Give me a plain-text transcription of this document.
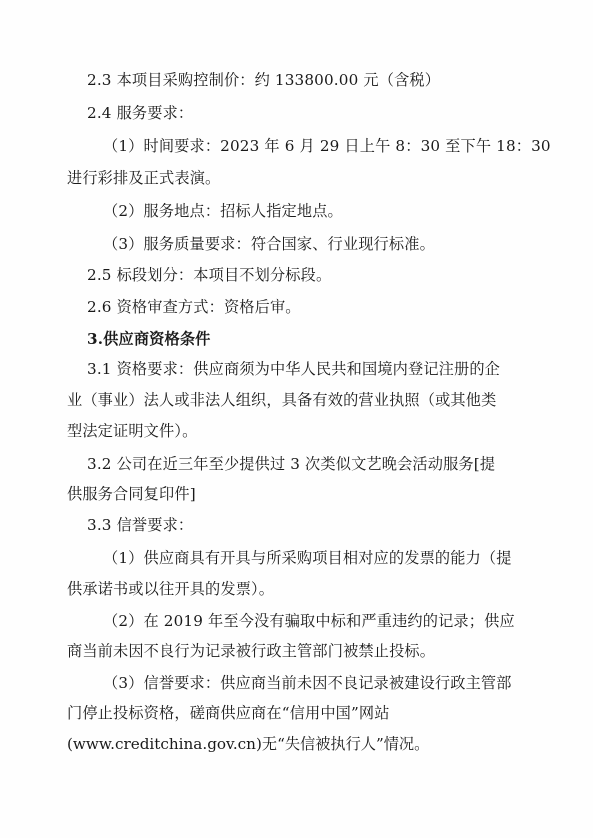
2.3 本项目采购控制价：约 133800.00 元（含税）
2.4 服务要求：
（1）时间要求：2023 年 6 月 29 日上午 8：30 至下午 18：30
进行彩排及正式表演。
（2）服务地点：招标人指定地点。
（3）服务质量要求：符合国家、行业现行标准。
2.5 标段划分：本项目不划分标段。
2.6 资格审查方式：资格后审。
3.供应商资格条件
3.1 资格要求：供应商须为中华人民共和国境内登记注册的企
业（事业）法人或非法人组织，具备有效的营业执照（或其他类
型法定证明文件）。
3.2 公司在近三年至少提供过 3 次类似文艺晚会活动服务[提
供服务合同复印件]
3.3 信誉要求：
（1）供应商具有开具与所采购项目相对应的发票的能力（提
供承诺书或以往开具的发票）。
（2）在 2019 年至今没有骗取中标和严重违约的记录；供应
商当前未因不良行为记录被行政主管部门被禁止投标。
（3）信誉要求：供应商当前未因不良记录被建设行政主管部
门停止投标资格，磋商供应商在“信用中国”网站
(www.creditchina.gov.cn)无“失信被执行人”情况。
